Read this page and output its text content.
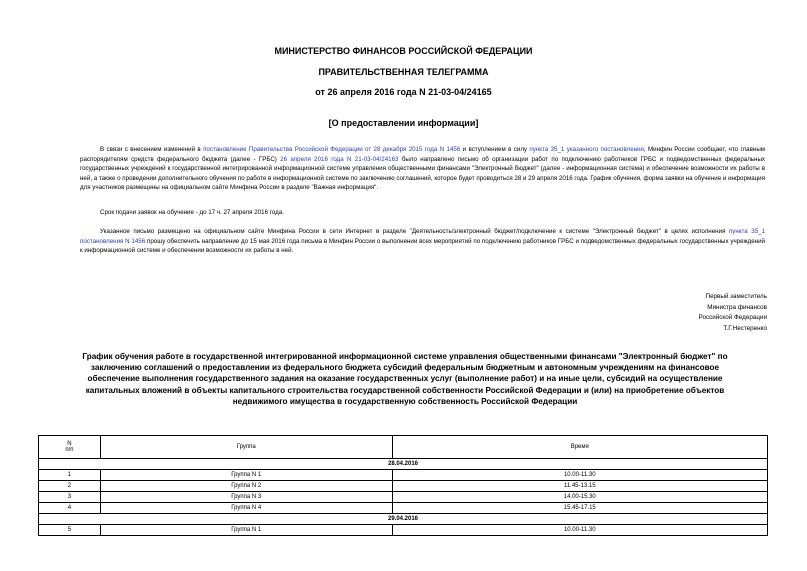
МИНИСТЕРСТВО ФИНАНСОВ РОССИЙСКОЙ ФЕДЕРАЦИИ
ПРАВИТЕЛЬСТВЕННАЯ ТЕЛЕГРАММА
от 26 апреля 2016 года N 21-03-04/24165
[О предоставлении информации]
В связи с внесением изменений в постановление Правительства Российской Федерации от 28 декабря 2015 года N 1456 и вступлением в силу пункта 35_1 указанного постановления, Минфин России сообщает, что главным распорядителям средств федерального бюджета (далее - ГРБС) 26 апреля 2016 года N 21-03-04/24163 было направлено письмо об организации работ по подключению работников ГРБС и подведомственных федеральных государственных учреждений к государственной интегрированной информационной системе управления общественными финансами "Электронный бюджет" (далее - информационная система) и обеспечение возможности их работы в ней, а также о проведении дополнительного обучения по работе в информационной системе по заключению соглашений, которое будет проводиться 28 и 29 апреля 2016 года. График обучения, форма заявки на обучение и информация для участников размещены на официальном сайте Минфина России в разделе "Важная информация".
Срок подачи заявок на обучение - до 17 ч. 27 апреля 2016 года.
Указанное письмо размещено на официальном сайте Минфина России в сети Интернет в разделе "Деятельность/электронный бюджет/подключение к системе "Электронный бюджет" в целях исполнения пункта 35_1 постановления N 1456 прошу обеспечить направление до 15 мая 2016 года письма в Минфин России о выполнении всех мероприятий по подключению работников ГРБС и подведомственных федеральных государственных учреждений к информационной системе и обеспечении возможности их работы в ней.
Первый заместитель
Министра финансов
Российской Федерации
Т.Г.Нестеренко
График обучения работе в государственной интегрированной информационной системе управления общественными финансами "Электронный бюджет" по заключению соглашений о предоставлении из федерального бюджета субсидий федеральным бюджетным и автономным учреждениям на финансовое обеспечение выполнения государственного задания на оказание государственных услуг (выполнение работ) и на иные цели, субсидий на осуществление капитальных вложений в объекты капитального строительства государственной собственности Российской Федерации и (или) на приобретение объектов недвижимого имущества в государственную собственность Российской Федерации
N
п/п	Группа	Время
28.04.2016		
1	Группа N 1	10.00-11.30
2	Группа N 2	11.45-13.15
3	Группа N 3	14.00-15.30
4	Группа N 4	15.45-17.15
29.04.2016		
5	Группа N 1	10.00-11.30
